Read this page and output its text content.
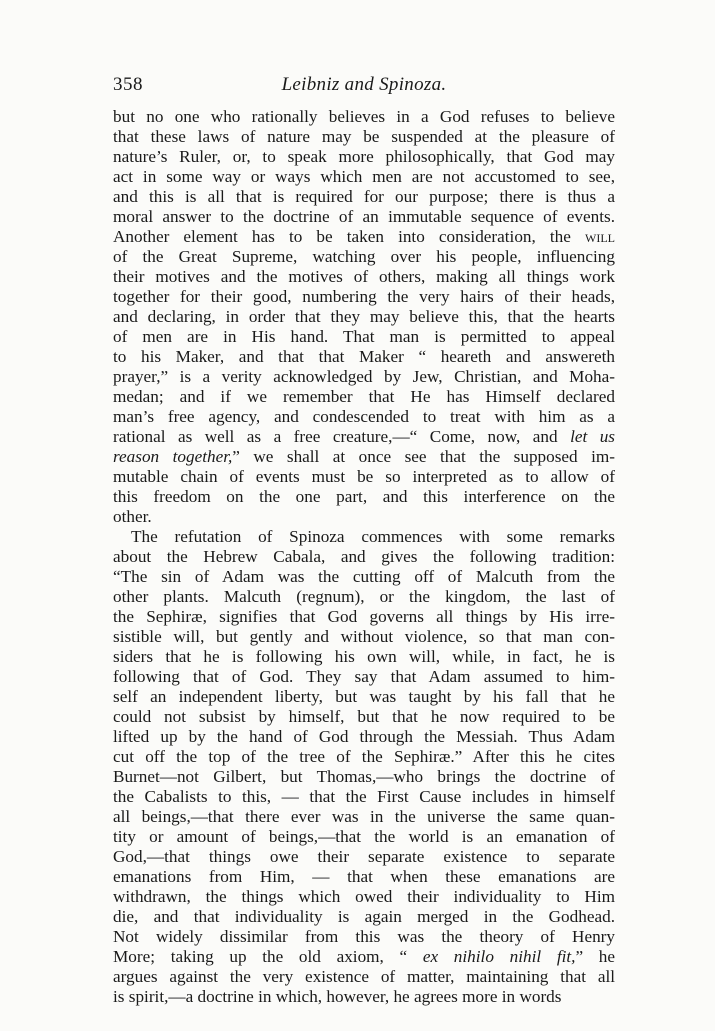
358	Leibniz and Spinoza.
but no one who rationally believes in a God refuses to believe
that these laws of nature may be suspended at the pleasure of
nature’s Ruler, or, to speak more philosophically, that God may
act in some way or ways which men are not accustomed to see,
and this is all that is required for our purpose; there is thus a
moral answer to the doctrine of an immutable sequence of events.
Another element has to be taken into consideration, the will
of the Great Supreme, watching over his people, influencing
their motives and the motives of others, making all things work
together for their good, numbering the very hairs of their heads,
and declaring, in order that they may believe this, that the hearts
of men are in His hand. That man is permitted to appeal
to his Maker, and that that Maker “ heareth and answereth
prayer,” is a verity acknowledged by Jew, Christian, and Moha-
medan; and if we remember that He has Himself declared
man’s free agency, and condescended to treat with him as a
rational as well as a free creature,—“ Come, now, and let us
reason together,” we shall at once see that the supposed im-
mutable chain of events must be so interpreted as to allow of
this freedom on the one part, and this interference on the
other.
The refutation of Spinoza commences with some remarks
about the Hebrew Cabala, and gives the following tradition:
“The sin of Adam was the cutting off of Malcuth from the
other plants. Malcuth (regnum), or the kingdom, the last of
the Sephiræ, signifies that God governs all things by His irre-
sistible will, but gently and without violence, so that man con-
siders that he is following his own will, while, in fact, he is
following that of God. They say that Adam assumed to him-
self an independent liberty, but was taught by his fall that he
could not subsist by himself, but that he now required to be
lifted up by the hand of God through the Messiah. Thus Adam
cut off the top of the tree of the Sephiræ.” After this he cites
Burnet—not Gilbert, but Thomas,—who brings the doctrine of
the Cabalists to this, — that the First Cause includes in himself
all beings,—that there ever was in the universe the same quan-
tity or amount of beings,—that the world is an emanation of
God,—that things owe their separate existence to separate
emanations from Him, — that when these emanations are
withdrawn, the things which owed their individuality to Him
die, and that individuality is again merged in the Godhead.
Not widely dissimilar from this was the theory of Henry
More; taking up the old axiom, “ ex nihilo nihil fit,” he
argues against the very existence of matter, maintaining that all
is spirit,—a doctrine in which, however, he agrees more in words
